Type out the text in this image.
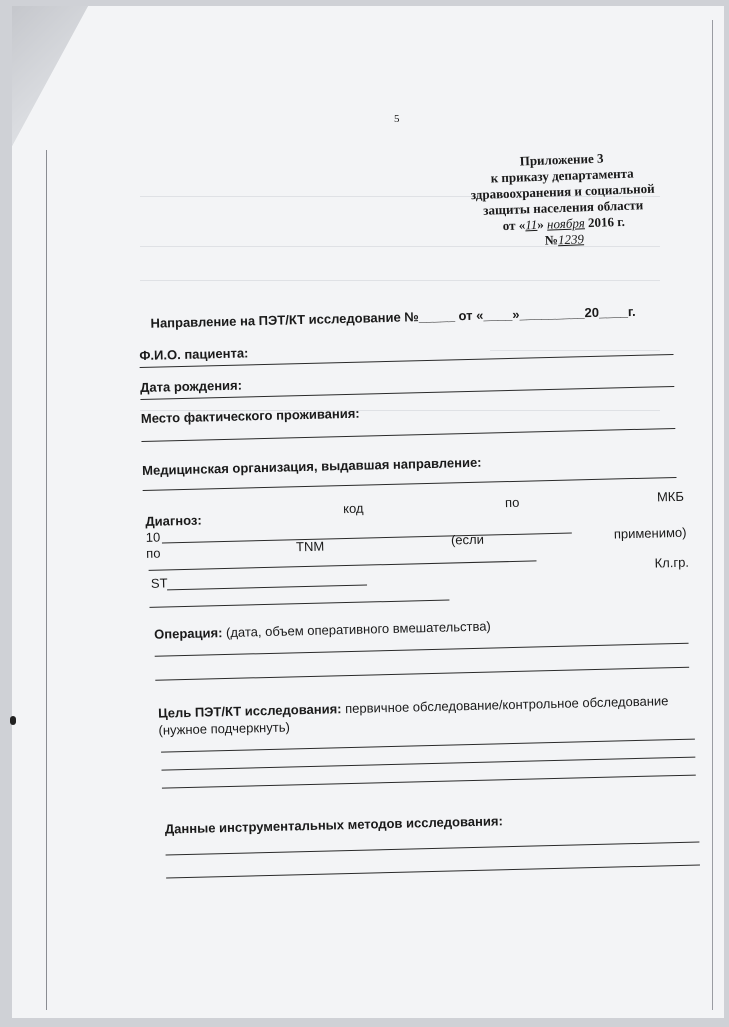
5
Приложение 3
к приказу департамента
здравоохранения и социальной
защиты населения области
от «11» ноября 2016 г.
№1239
Направление на ПЭТ/КТ исследование №_____ от «____»_________20____г.
Ф.И.О. пациента:
Дата рождения:
Место фактического проживания:
Медицинская организация, выдавшая направление:
Диагноз:
код	по	МКБ
10
по	TNM	(если	применимо)
ST
Кл.гр.
Операция: (дата, объем оперативного вмешательства)
Цель ПЭТ/КТ исследования: первичное обследование/контрольное обследование
(нужное подчеркнуть)
Данные инструментальных методов исследования:
